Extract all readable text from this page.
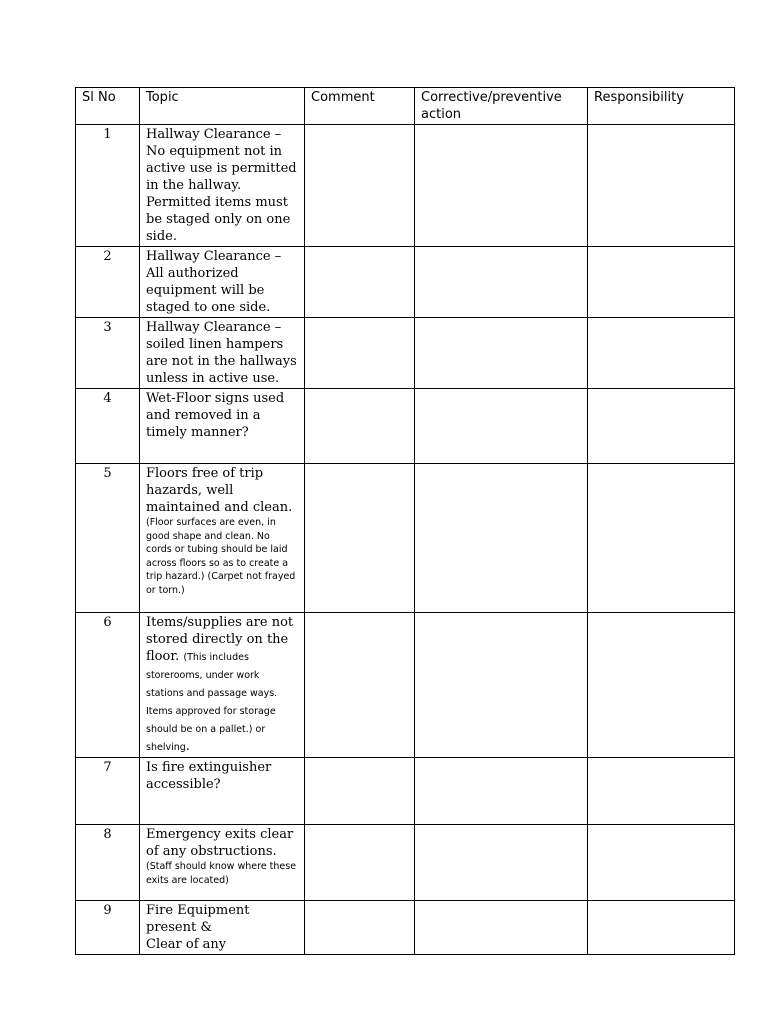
Sl No	Topic	Comment	Corrective/preventive action	Responsibility
1	Hallway Clearance – No equipment not in active use is permitted in the hallway. Permitted items must be staged only on one side.			
2	Hallway Clearance – All authorized equipment will be staged to one side.			
3	Hallway Clearance – soiled linen hampers are not in the hallways unless in active use.			
4	Wet-Floor signs used and removed in a timely manner?			
5	Floors free of trip hazards, well maintained and clean.
(Floor surfaces are even, in good shape and clean. No cords or tubing should be laid across floors so as to create a trip hazard.) (Carpet not frayed or torn.)			

6	Items/supplies are not stored directly on the floor. (This includes storerooms, under work stations and passage ways. Items approved for storage should be on a pallet.) or shelving.			
7	Is fire extinguisher accessible?			
8	Emergency exits clear of any obstructions.
(Staff should know where these exits are located)			

9	Fire Equipment
present &
Clear of any			
